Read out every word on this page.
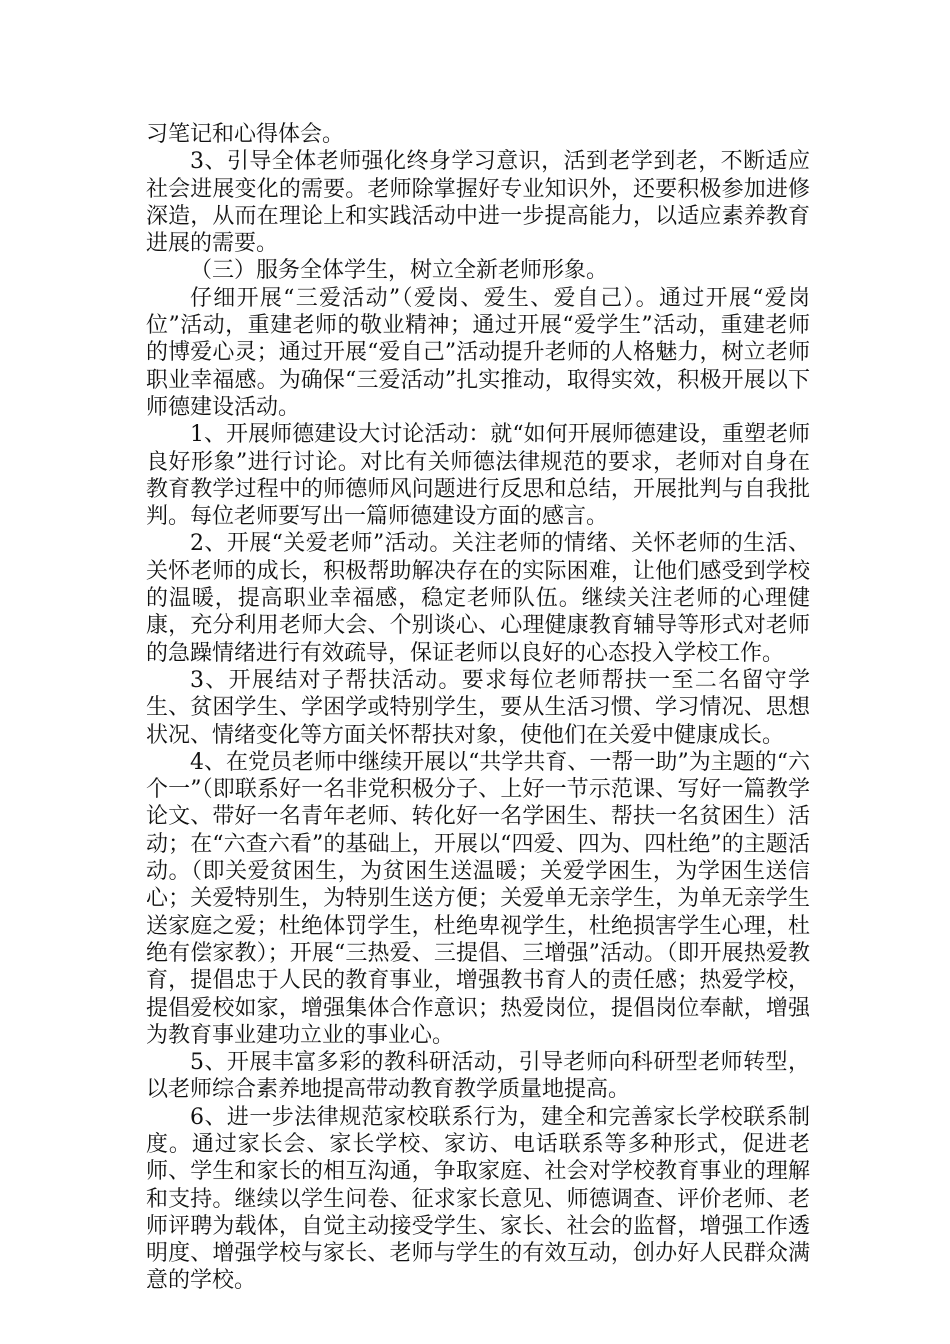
习笔记和心得体会。

3、引导全体老师强化终身学习意识，活到老学到老，不断适应社会进展变化的需要。老师除掌握好专业知识外，还要积极参加进修深造，从而在理论上和实践活动中进一步提高能力，以适应素养教育进展的需要。

（三）服务全体学生，树立全新老师形象。

仔细开展“三爱活动”（爱岗、爱生、爱自己）。通过开展“爱岗位”活动，重建老师的敬业精神；通过开展“爱学生”活动，重建老师的博爱心灵；通过开展“爱自己”活动提升老师的人格魅力，树立老师职业幸福感。为确保“三爱活动”扎实推动，取得实效，积极开展以下师德建设活动。

1、开展师德建设大讨论活动：就“如何开展师德建设，重塑老师良好形象”进行讨论。对比有关师德法律规范的要求，老师对自身在教育教学过程中的师德师风问题进行反思和总结，开展批判与自我批判。每位老师要写出一篇师德建设方面的感言。

2、开展“关爱老师”活动。关注老师的情绪、关怀老师的生活、关怀老师的成长，积极帮助解决存在的实际困难，让他们感受到学校的温暖，提高职业幸福感，稳定老师队伍。继续关注老师的心理健康，充分利用老师大会、个别谈心、心理健康教育辅导等形式对老师的急躁情绪进行有效疏导，保证老师以良好的心态投入学校工作。

3、开展结对子帮扶活动。要求每位老师帮扶一至二名留守学生、贫困学生、学困学或特别学生，要从生活习惯、学习情况、思想状况、情绪变化等方面关怀帮扶对象，使他们在关爱中健康成长。

4、在党员老师中继续开展以“共学共育、一帮一助”为主题的“六个一”（即联系好一名非党积极分子、上好一节示范课、写好一篇教学论文、带好一名青年老师、转化好一名学困生、帮扶一名贫困生）活动；在“六查六看”的基础上，开展以“四爱、四为、四杜绝”的主题活动。（即关爱贫困生，为贫困生送温暖；关爱学困生，为学困生送信心；关爱特别生，为特别生送方便；关爱单无亲学生，为单无亲学生送家庭之爱；杜绝体罚学生，杜绝卑视学生，杜绝损害学生心理，杜绝有偿家教）；开展“三热爱、三提倡、三增强”活动。（即开展热爱教育，提倡忠于人民的教育事业，增强教书育人的责任感；热爱学校，提倡爱校如家，增强集体合作意识；热爱岗位，提倡岗位奉献，增强为教育事业建功立业的事业心。

5、开展丰富多彩的教科研活动，引导老师向科研型老师转型，以老师综合素养地提高带动教育教学质量地提高。

6、进一步法律规范家校联系行为，建全和完善家长学校联系制度。通过家长会、家长学校、家访、电话联系等多种形式，促进老师、学生和家长的相互沟通，争取家庭、社会对学校教育事业的理解和支持。继续以学生问卷、征求家长意见、师德调查、评价老师、老师评聘为载体，自觉主动接受学生、家长、社会的监督，增强工作透明度、增强学校与家长、老师与学生的有效互动，创办好人民群众满意的学校。
